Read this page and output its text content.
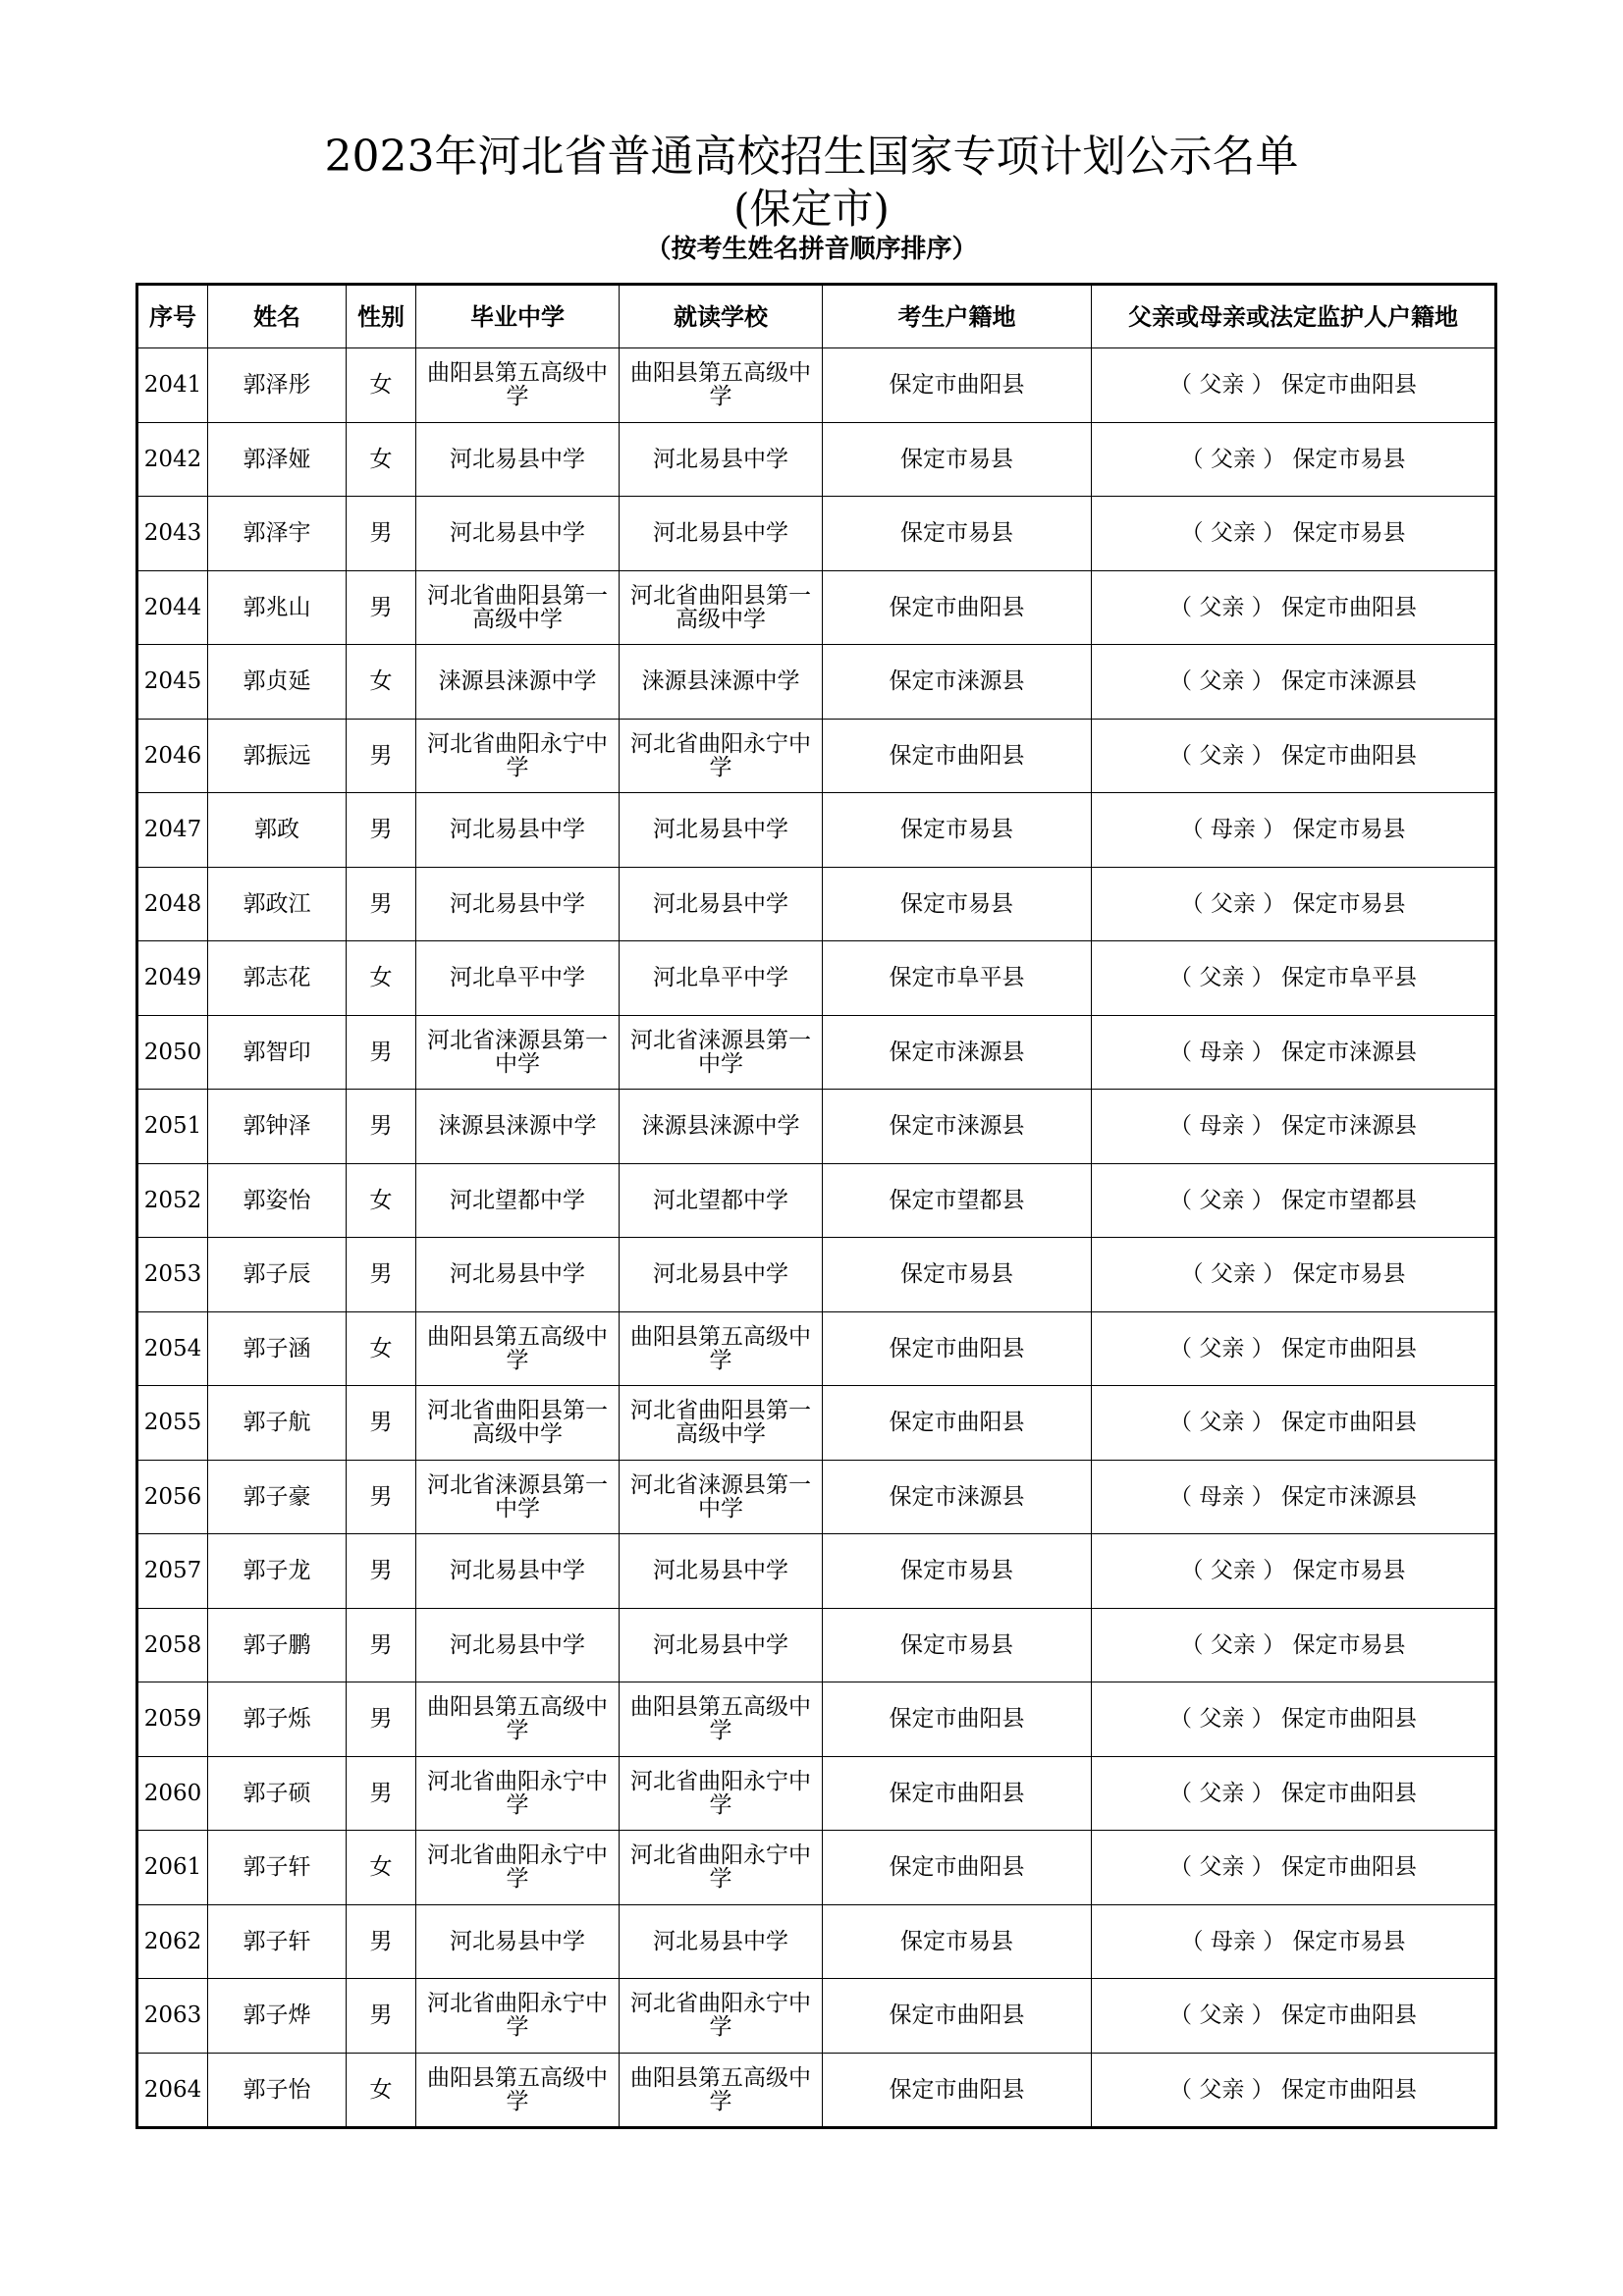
2023年河北省普通高校招生国家专项计划公示名单
(保定市)
（按考生姓名拼音顺序排序）
序号	姓名	性别	毕业中学	就读学校	考生户籍地	父亲或母亲或法定监护人户籍地
2041	郭泽彤	女	曲阳县第五高级中学	曲阳县第五高级中学	保定市曲阳县	（ 父亲 ） 保定市曲阳县
2042	郭泽娅	女	河北易县中学	河北易县中学	保定市易县	（ 父亲 ） 保定市易县
2043	郭泽宇	男	河北易县中学	河北易县中学	保定市易县	（ 父亲 ） 保定市易县
2044	郭兆山	男	河北省曲阳县第一高级中学	河北省曲阳县第一高级中学	保定市曲阳县	（ 父亲 ） 保定市曲阳县
2045	郭贞延	女	涞源县涞源中学	涞源县涞源中学	保定市涞源县	（ 父亲 ） 保定市涞源县
2046	郭振远	男	河北省曲阳永宁中学	河北省曲阳永宁中学	保定市曲阳县	（ 父亲 ） 保定市曲阳县
2047	郭政	男	河北易县中学	河北易县中学	保定市易县	（ 母亲 ） 保定市易县
2048	郭政江	男	河北易县中学	河北易县中学	保定市易县	（ 父亲 ） 保定市易县
2049	郭志花	女	河北阜平中学	河北阜平中学	保定市阜平县	（ 父亲 ） 保定市阜平县
2050	郭智印	男	河北省涞源县第一中学	河北省涞源县第一中学	保定市涞源县	（ 母亲 ） 保定市涞源县
2051	郭钟泽	男	涞源县涞源中学	涞源县涞源中学	保定市涞源县	（ 母亲 ） 保定市涞源县
2052	郭姿怡	女	河北望都中学	河北望都中学	保定市望都县	（ 父亲 ） 保定市望都县
2053	郭子辰	男	河北易县中学	河北易县中学	保定市易县	（ 父亲 ） 保定市易县
2054	郭子涵	女	曲阳县第五高级中学	曲阳县第五高级中学	保定市曲阳县	（ 父亲 ） 保定市曲阳县
2055	郭子航	男	河北省曲阳县第一高级中学	河北省曲阳县第一高级中学	保定市曲阳县	（ 父亲 ） 保定市曲阳县
2056	郭子豪	男	河北省涞源县第一中学	河北省涞源县第一中学	保定市涞源县	（ 母亲 ） 保定市涞源县
2057	郭子龙	男	河北易县中学	河北易县中学	保定市易县	（ 父亲 ） 保定市易县
2058	郭子鹏	男	河北易县中学	河北易县中学	保定市易县	（ 父亲 ） 保定市易县
2059	郭子烁	男	曲阳县第五高级中学	曲阳县第五高级中学	保定市曲阳县	（ 父亲 ） 保定市曲阳县
2060	郭子硕	男	河北省曲阳永宁中学	河北省曲阳永宁中学	保定市曲阳县	（ 父亲 ） 保定市曲阳县
2061	郭子轩	女	河北省曲阳永宁中学	河北省曲阳永宁中学	保定市曲阳县	（ 父亲 ） 保定市曲阳县
2062	郭子轩	男	河北易县中学	河北易县中学	保定市易县	（ 母亲 ） 保定市易县
2063	郭子烨	男	河北省曲阳永宁中学	河北省曲阳永宁中学	保定市曲阳县	（ 父亲 ） 保定市曲阳县
2064	郭子怡	女	曲阳县第五高级中学	曲阳县第五高级中学	保定市曲阳县	（ 父亲 ） 保定市曲阳县
